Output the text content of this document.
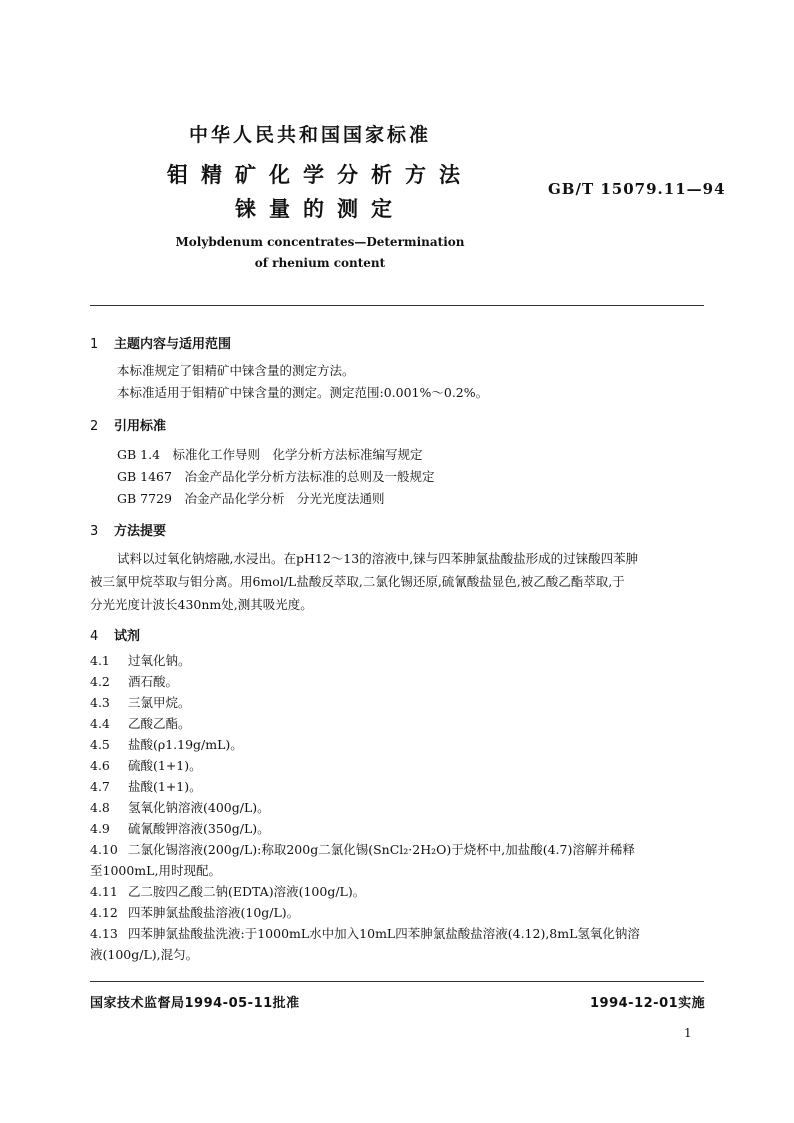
中华人民共和国国家标准
钼精矿化学分析方法
铼量的测定
GB/T 15079.11—94
Molybdenum concentrates—Determination
of rhenium content
1 主题内容与适用范围
本标准规定了钼精矿中铼含量的测定方法。
本标准适用于钼精矿中铼含量的测定。测定范围:0.001%～0.2%。
2 引用标准
GB 1.4　标准化工作导则　化学分析方法标准编写规定
GB 1467　冶金产品化学分析方法标准的总则及一般规定
GB 7729　冶金产品化学分析　分光光度法通则
3 方法提要
试料以过氧化钠熔融,水浸出。在pH12～13的溶液中,铼与四苯胂氯盐酸盐形成的过铼酸四苯胂
被三氯甲烷萃取与钼分离。用6mol/L盐酸反萃取,二氯化锡还原,硫氰酸盐显色,被乙酸乙酯萃取,于
分光光度计波长430nm处,测其吸光度。
4 试剂
4.1 过氧化钠。
4.2 酒石酸。
4.3 三氯甲烷。
4.4 乙酸乙酯。
4.5 盐酸(ρ1.19g/mL)。
4.6 硫酸(1+1)。
4.7 盐酸(1+1)。
4.8 氢氧化钠溶液(400g/L)。
4.9 硫氰酸钾溶液(350g/L)。
4.10 二氯化锡溶液(200g/L):称取200g二氯化锡(SnCl₂·2H₂O)于烧杯中,加盐酸(4.7)溶解并稀释
至1000mL,用时现配。
4.11 乙二胺四乙酸二钠(EDTA)溶液(100g/L)。
4.12 四苯胂氯盐酸盐溶液(10g/L)。
4.13 四苯胂氯盐酸盐洗液:于1000mL水中加入10mL四苯胂氯盐酸盐溶液(4.12),8mL氢氧化钠溶
液(100g/L),混匀。
国家技术监督局1994-05-11批准	1994-12-01实施
1
